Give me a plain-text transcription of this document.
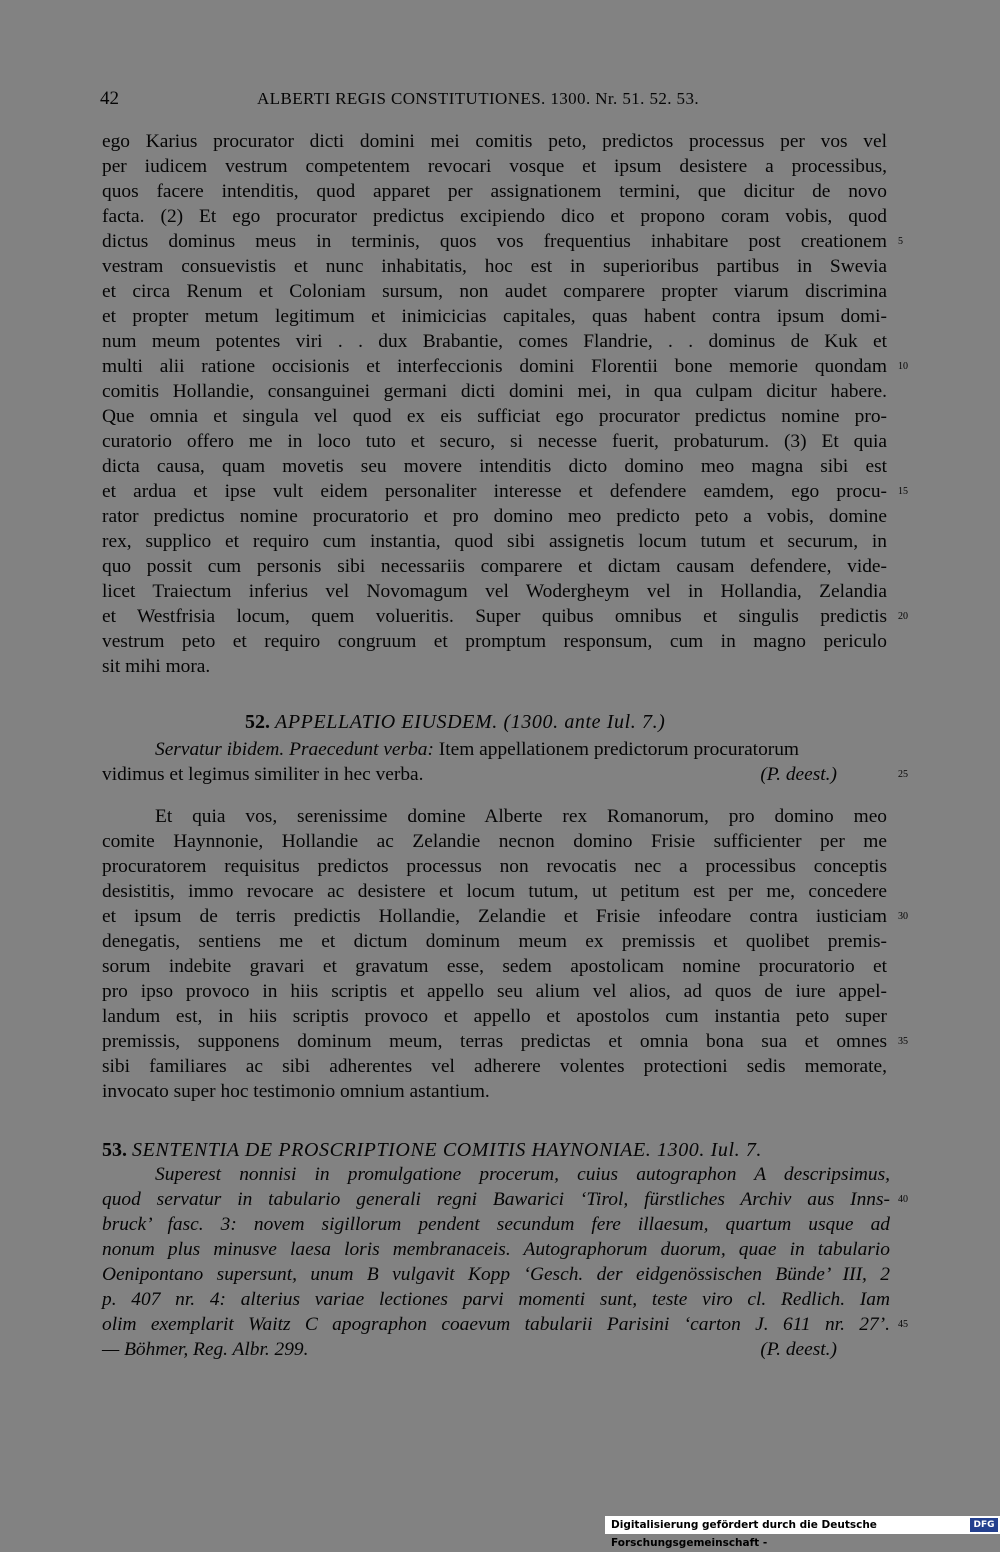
42	ALBERTI REGIS CONSTITUTIONES. 1300. Nr. 51. 52. 53.
ego Karius procurator dicti domini mei comitis peto, predictos processus per vos vel
per iudicem vestrum competentem revocari vosque et ipsum desistere a processibus,
quos facere intenditis, quod apparet per assignationem termini, que dicitur de novo
facta. (2) Et ego procurator predictus excipiendo dico et propono coram vobis, quod
dictus dominus meus in terminis, quos vos frequentius inhabitare post creationem
vestram consuevistis et nunc inhabitatis, hoc est in superioribus partibus in Swevia
et circa Renum et Coloniam sursum, non audet comparere propter viarum discrimina
et propter metum legitimum et inimicicias capitales, quas habent contra ipsum domi-
num meum potentes viri . . dux Brabantie, comes Flandrie, . . dominus de Kuk et
multi alii ratione occisionis et interfeccionis domini Florentii bone memorie quondam
comitis Hollandie, consanguinei germani dicti domini mei, in qua culpam dicitur habere.
Que omnia et singula vel quod ex eis sufficiat ego procurator predictus nomine pro-
curatorio offero me in loco tuto et securo, si necesse fuerit, probaturum. (3) Et quia
dicta causa, quam movetis seu movere intenditis dicto domino meo magna sibi est
et ardua et ipse vult eidem personaliter interesse et defendere eamdem, ego procu-
rator predictus nomine procuratorio et pro domino meo predicto peto a vobis, domine
rex, supplico et requiro cum instantia, quod sibi assignetis locum tutum et securum, in
quo possit cum personis sibi necessariis comparere et dictam causam defendere, vide-
licet Traiectum inferius vel Novomagum vel Wodergheym vel in Hollandia, Zelandia
et Westfrisia locum, quem volueritis. Super quibus omnibus et singulis predictis
vestrum peto et requiro congruum et promptum responsum, cum in magno periculo
sit mihi mora.
52. APPELLATIO EIUSDEM. (1300. ante Iul. 7.)
Servatur ibidem. Praecedunt verba: Item appellationem predictorum procuratorum
vidimus et legimus similiter in hec verba.	(P. deest.)
Et quia vos, serenissime domine Alberte rex Romanorum, pro domino meo
comite Haynnonie, Hollandie ac Zelandie necnon domino Frisie sufficienter per me
procuratorem requisitus predictos processus non revocatis nec a processibus conceptis
desistitis, immo revocare ac desistere et locum tutum, ut petitum est per me, concedere
et ipsum de terris predictis Hollandie, Zelandie et Frisie infeodare contra iusticiam
denegatis, sentiens me et dictum dominum meum ex premissis et quolibet premis-
sorum indebite gravari et gravatum esse, sedem apostolicam nomine procuratorio et
pro ipso provoco in hiis scriptis et appello seu alium vel alios, ad quos de iure appel-
landum est, in hiis scriptis provoco et appello et apostolos cum instantia peto super
premissis, supponens dominum meum, terras predictas et omnia bona sua et omnes
sibi familiares ac sibi adherentes vel adherere volentes protectioni sedis memorate,
invocato super hoc testimonio omnium astantium.
53. SENTENTIA DE PROSCRIPTIONE COMITIS HAYNONIAE. 1300. Iul. 7.
Superest nonnisi in promulgatione procerum, cuius autographon A descripsimus,
quod servatur in tabulario generali regni Bawarici ‘Tirol, fürstliches Archiv aus Inns-
bruck’ fasc. 3: novem sigillorum pendent secundum fere illaesum, quartum usque ad
nonum plus minusve laesa loris membranaceis. Autographorum duorum, quae in tabulario
Oenipontano supersunt, unum B vulgavit Kopp ‘Gesch. der eidgenössischen Bünde’ III, 2
p. 407 nr. 4: alterius variae lectiones parvi momenti sunt, teste viro cl. Redlich. Iam
olim exemplarit Waitz C apographon coaevum tabularii Parisini ‘carton J. 611 nr. 27’.
— Böhmer, Reg. Albr. 299.	(P. deest.)
5
10
15
20
25
30
35
40
45
Digitalisierung gefördert durch die Deutsche Forschungsgemeinschaft -
DFG
